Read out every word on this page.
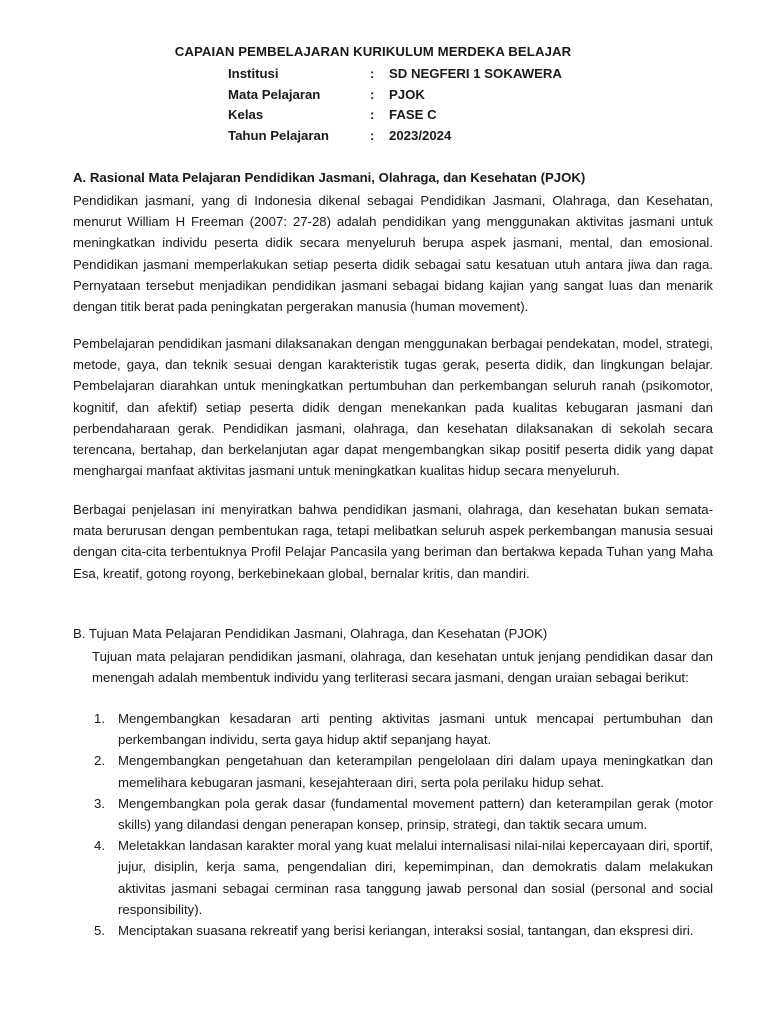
CAPAIAN PEMBELAJARAN KURIKULUM MERDEKA BELAJAR
Institusi	:	SD NEGFERI 1 SOKAWERA
Mata Pelajaran	:	PJOK
Kelas	:	FASE C
Tahun Pelajaran	:	2023/2024
A. Rasional Mata Pelajaran Pendidikan Jasmani, Olahraga, dan Kesehatan (PJOK)
Pendidikan jasmani, yang di Indonesia dikenal sebagai Pendidikan Jasmani, Olahraga, dan Kesehatan, menurut William H Freeman (2007: 27-28) adalah pendidikan yang menggunakan aktivitas jasmani untuk meningkatkan individu peserta didik secara menyeluruh berupa aspek jasmani, mental, dan emosional. Pendidikan jasmani memperlakukan setiap peserta didik sebagai satu kesatuan utuh antara jiwa dan raga. Pernyataan tersebut menjadikan pendidikan jasmani sebagai bidang kajian yang sangat luas dan menarik dengan titik berat pada peningkatan pergerakan manusia (human movement).
Pembelajaran pendidikan jasmani dilaksanakan dengan menggunakan berbagai pendekatan, model, strategi, metode, gaya, dan teknik sesuai dengan karakteristik tugas gerak, peserta didik, dan lingkungan belajar. Pembelajaran diarahkan untuk meningkatkan pertumbuhan dan perkembangan seluruh ranah (psikomotor, kognitif, dan afektif) setiap peserta didik dengan menekankan pada kualitas kebugaran jasmani dan perbendaharaan gerak. Pendidikan jasmani, olahraga, dan kesehatan dilaksanakan di sekolah secara terencana, bertahap, dan berkelanjutan agar dapat mengembangkan sikap positif peserta didik yang dapat menghargai manfaat aktivitas jasmani untuk meningkatkan kualitas hidup secara menyeluruh.
Berbagai penjelasan ini menyiratkan bahwa pendidikan jasmani, olahraga, dan kesehatan bukan semata-mata berurusan dengan pembentukan raga, tetapi melibatkan seluruh aspek perkembangan manusia sesuai dengan cita-cita terbentuknya Profil Pelajar Pancasila yang beriman dan bertakwa kepada Tuhan yang Maha Esa, kreatif, gotong royong, berkebinekaan global, bernalar kritis, dan mandiri.
B. Tujuan Mata Pelajaran Pendidikan Jasmani, Olahraga, dan Kesehatan (PJOK)
Tujuan mata pelajaran pendidikan jasmani, olahraga, dan kesehatan untuk jenjang pendidikan dasar dan menengah adalah membentuk individu yang terliterasi secara jasmani, dengan uraian sebagai berikut:
1. Mengembangkan kesadaran arti penting aktivitas jasmani untuk mencapai pertumbuhan dan perkembangan individu, serta gaya hidup aktif sepanjang hayat.
2. Mengembangkan pengetahuan dan keterampilan pengelolaan diri dalam upaya meningkatkan dan memelihara kebugaran jasmani, kesejahteraan diri, serta pola perilaku hidup sehat.
3. Mengembangkan pola gerak dasar (fundamental movement pattern) dan keterampilan gerak (motor skills) yang dilandasi dengan penerapan konsep, prinsip, strategi, dan taktik secara umum.
4. Meletakkan landasan karakter moral yang kuat melalui internalisasi nilai-nilai kepercayaan diri, sportif, jujur, disiplin, kerja sama, pengendalian diri, kepemimpinan, dan demokratis dalam melakukan aktivitas jasmani sebagai cerminan rasa tanggung jawab personal dan sosial (personal and social responsibility).
5. Menciptakan suasana rekreatif yang berisi keriangan, interaksi sosial, tantangan, dan ekspresi diri.
